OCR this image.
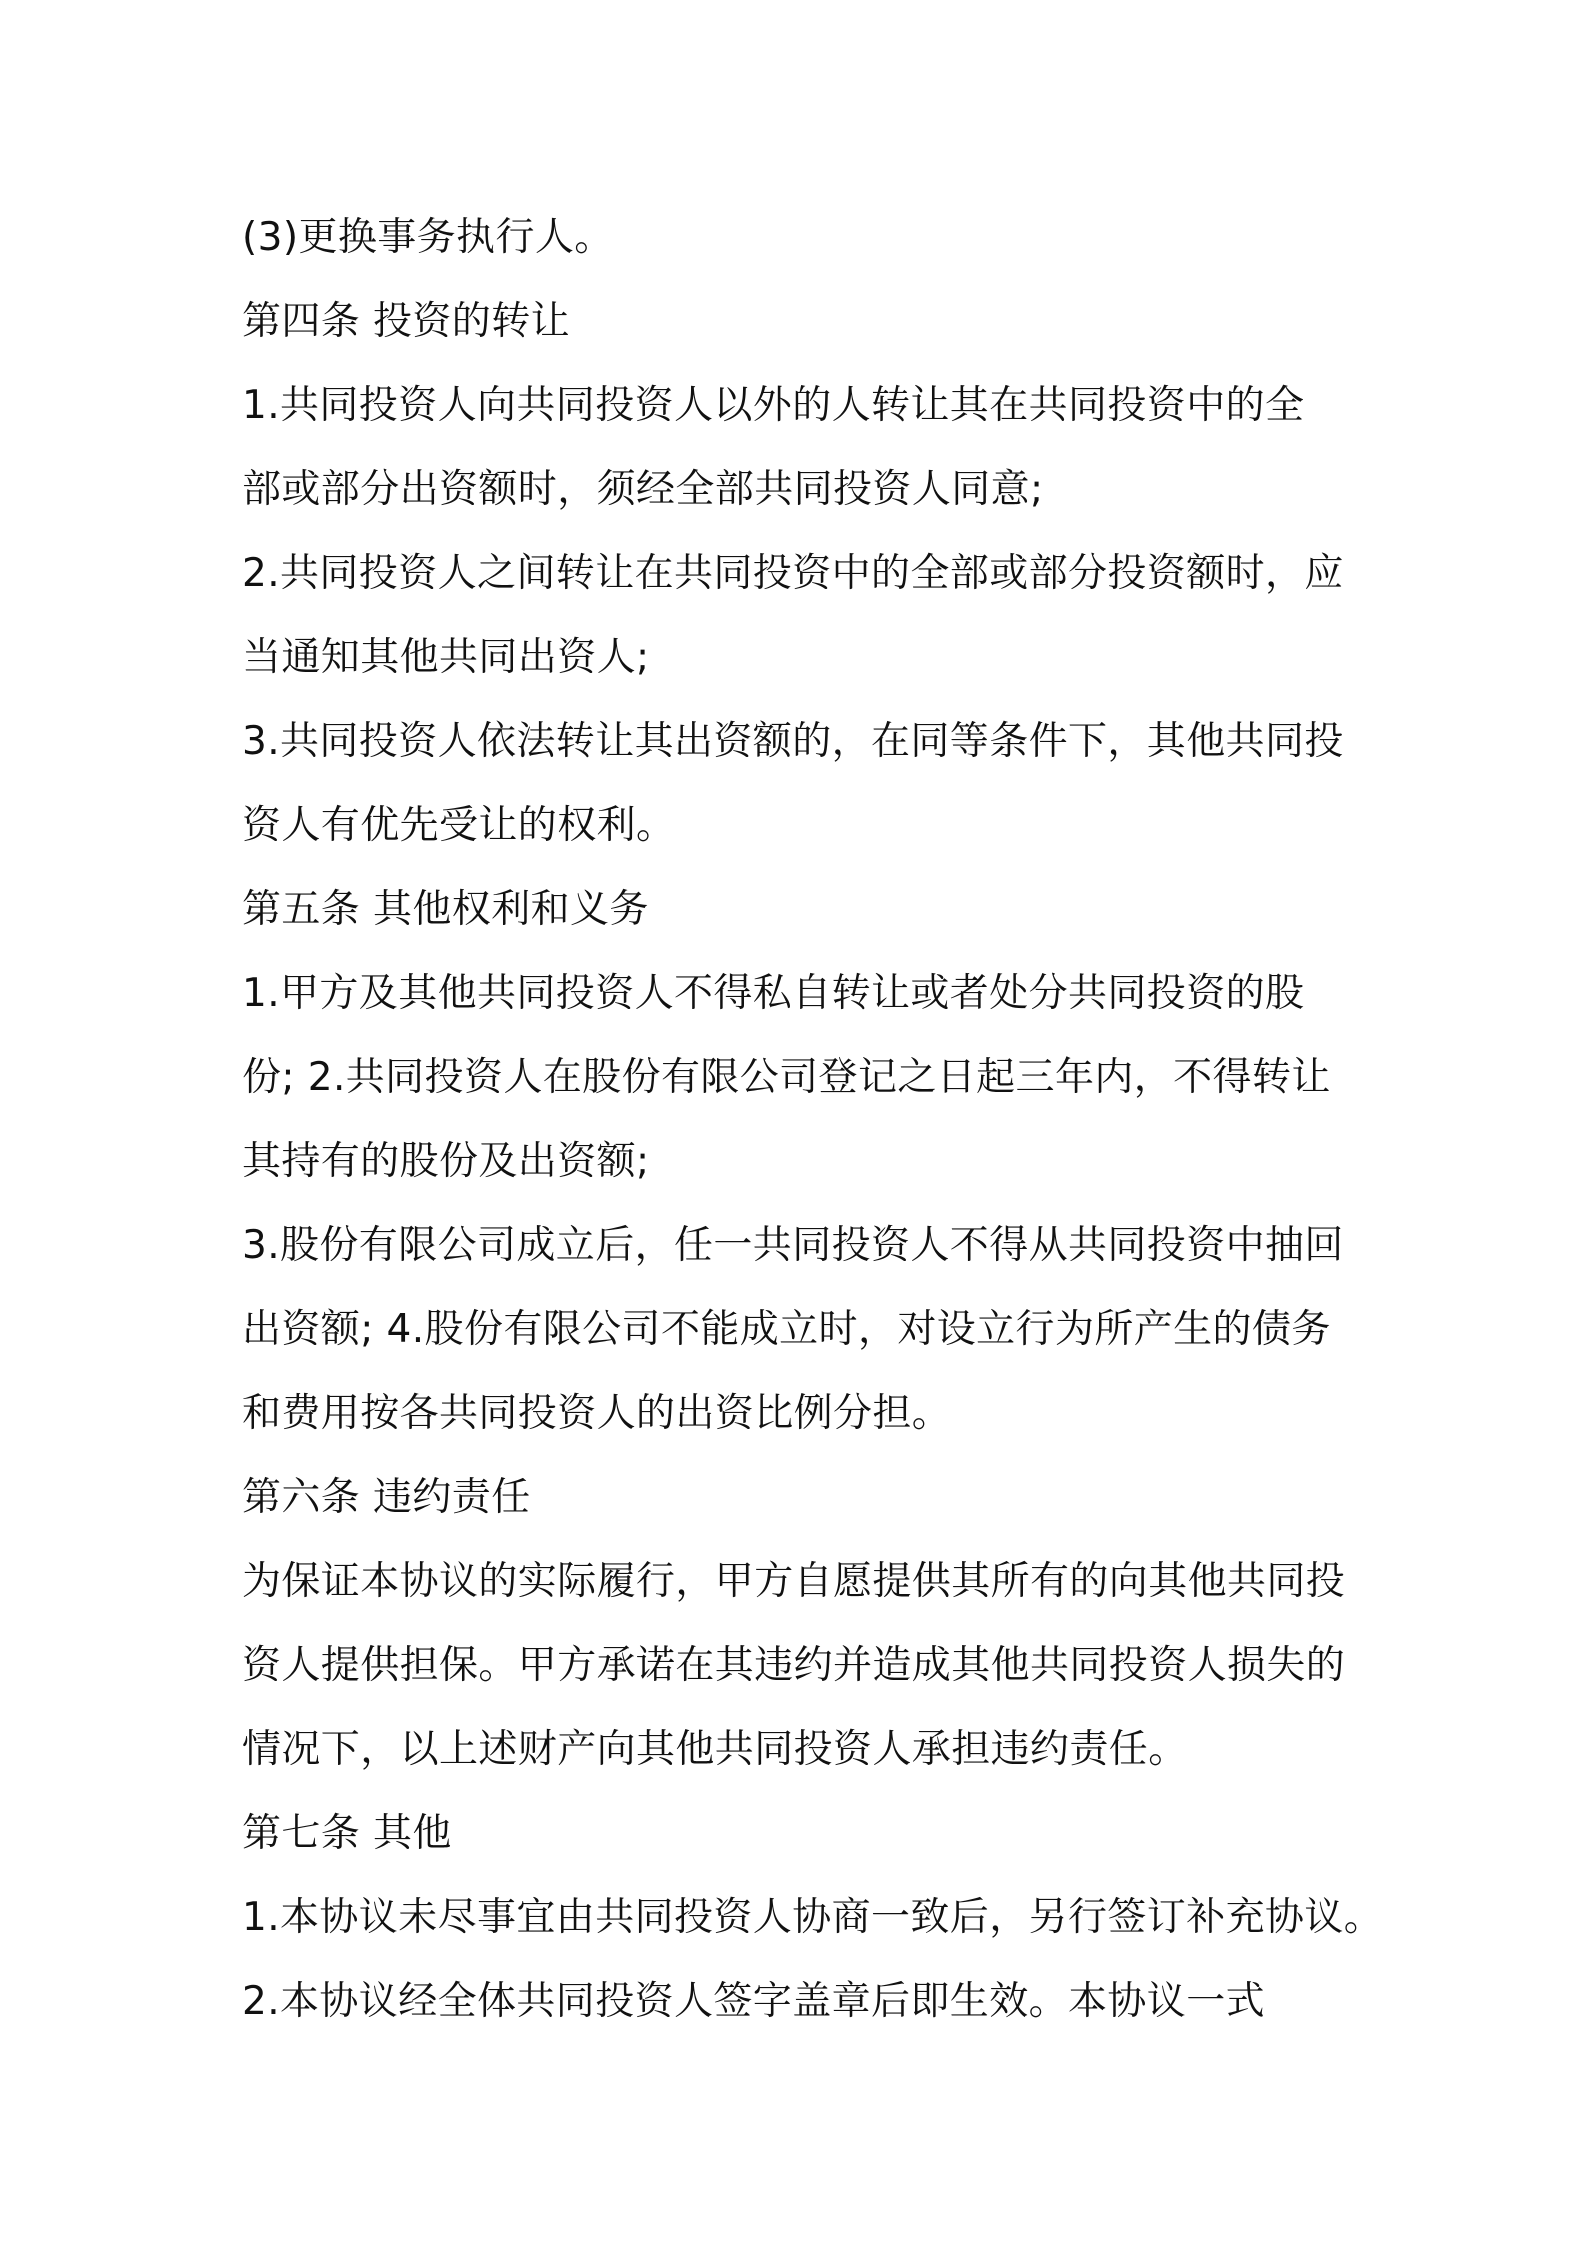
(3)更换事务执行人。
第四条 投资的转让
1.共同投资人向共同投资人以外的人转让其在共同投资中的全
部或部分出资额时，须经全部共同投资人同意;
2.共同投资人之间转让在共同投资中的全部或部分投资额时，应
当通知其他共同出资人;
3.共同投资人依法转让其出资额的，在同等条件下，其他共同投
资人有优先受让的权利。
第五条 其他权利和义务
1.甲方及其他共同投资人不得私自转让或者处分共同投资的股
份; 2.共同投资人在股份有限公司登记之日起三年内，不得转让
其持有的股份及出资额;
3.股份有限公司成立后，任一共同投资人不得从共同投资中抽回
出资额; 4.股份有限公司不能成立时，对设立行为所产生的债务
和费用按各共同投资人的出资比例分担。
第六条 违约责任
为保证本协议的实际履行，甲方自愿提供其所有的向其他共同投
资人提供担保。甲方承诺在其违约并造成其他共同投资人损失的
情况下，以上述财产向其他共同投资人承担违约责任。
第七条 其他
1.本协议未尽事宜由共同投资人协商一致后，另行签订补充协议。
2.本协议经全体共同投资人签字盖章后即生效。本协议一式
